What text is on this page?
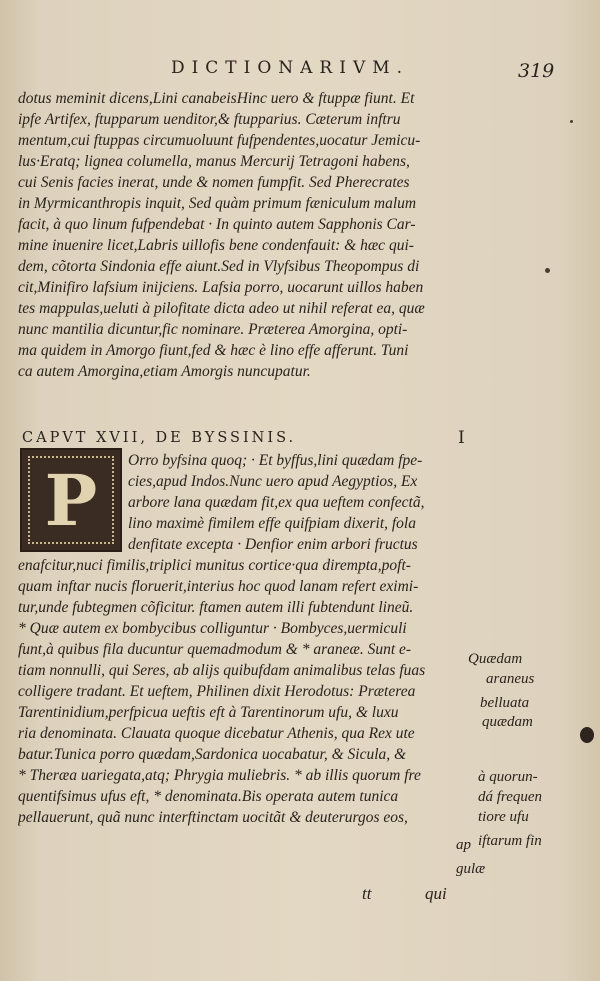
DICTIONARIVM.	319
dotus meminit dicens,Lini canabeisHinc uero & ftuppæ fiunt. Et
ipfe Artifex, ftupparum uenditor,& ftupparius. Cæterum inftru
mentum,cui ftuppas circumuoluunt fufpendentes,uocatur Jemicu-
lus·Eratq; lignea columella, manus Mercurij Tetragoni habens,
cui Senis facies inerat, unde & nomen fumpfit. Sed Pherecrates
in Myrmicanthropis inquit, Sed quàm primum fæniculum malum
facit, à quo linum fufpendebat · In quinto autem Sapphonis Car-
mine inuenire licet,Labris uillofis bene condenfauit: & hæc qui-
dem, cõtorta Sindonia effe aiunt.Sed in Vlyfsibus Theopompus di
cit,Minifiro lafsium inijciens. Lafsia porro, uocarunt uillos haben
tes mappulas,ueluti à pilofitate dicta adeo ut nihil referat ea, quæ
nunc mantilia dicuntur,fic nominare. Præterea Amorgina, opti-
ma quidem in Amorgo fiunt,fed & hæc è lino effe afferunt. Tuni
ca autem Amorgina,etiam Amorgis nuncupatur.
CAPVT XVII, DE BYSSINIS.	I
P	Orro byfsina quoq; · Et byffus,lini quædam fpe-
cies,apud Indos.Nunc uero apud Aegyptios, Ex
arbore lana quædam fit,ex qua ueftem confectã,
lino maximè fimilem effe quifpiam dixerit, fola
denfitate excepta · Denfior enim arbori fructus
enafcitur,nuci fimilis,triplici munitus cortice·qua dirempta,poft-
quam inftar nucis floruerit,interius hoc quod lanam refert eximi-
tur,unde fubtegmen cõficitur. ftamen autem illi fubtendunt lineũ.
* Quæ autem ex bombycibus colliguntur · Bombyces,uermiculi
funt,à quibus fila ducuntur quemadmodum & * araneæ. Sunt e-
tiam nonnulli, qui Seres, ab alijs quibufdam animalibus telas fuas
colligere tradant. Et ueftem, Philinen dixit Herodotus: Præterea
Tarentinidium,perfpicua ueftis eft à Tarentinorum ufu, & luxu
ria denominata. Clauata quoque dicebatur Athenis, qua Rex ute
batur.Tunica porro quædam,Sardonica uocabatur, & Sicula, &
* Theræa uariegata,atq; Phrygia muliebris. * ab illis quorum fre
quentifsimus ufus eft, * denominata.Bis operata autem tunica
pellauerunt, quã nunc interftinctam uocitãt & deuterurgos eos,
Quædam
araneus
belluata
quædam
à quorun-
dá frequen
tiore ufu
ap iftarum fin
gulæ
tt	qui
